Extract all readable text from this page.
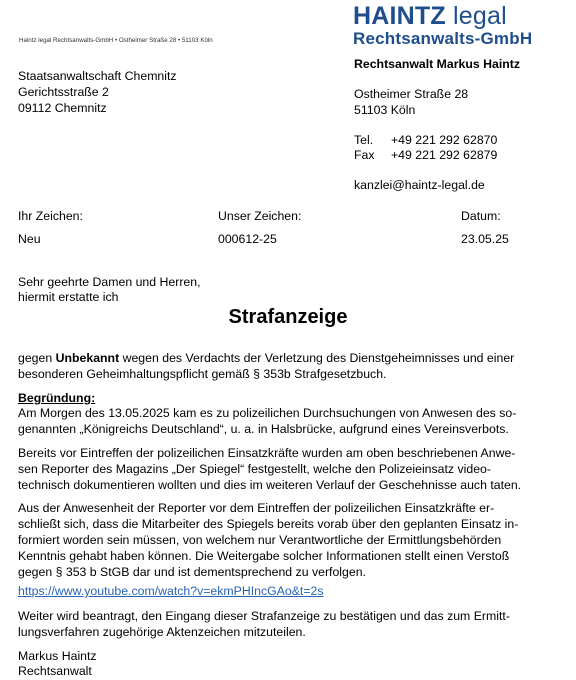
Haintz legal Rechtsanwalts-GmbH • Ostheimer Straße 28 • 51103 Köln
HAINTZ legal
Rechtsanwalts-GmbH
Staatsanwaltschaft Chemnitz
Gerichtsstraße 2
09112 Chemnitz
Rechtsanwalt Markus Haintz
Ostheimer Straße 28
51103 Köln
Tel. +49 221 292 62870
Fax +49 221 292 62879
kanzlei@haintz-legal.de
Ihr Zeichen:	Unser Zeichen:	Datum:
Neu	000612-25	23.05.25
Sehr geehrte Damen und Herren,
hiermit erstatte ich
Strafanzeige
gegen Unbekannt wegen des Verdachts der Verletzung des Dienstgeheimnisses und einer
besonderen Geheimhaltungspflicht gemäß § 353b Strafgesetzbuch.
Begründung:
Am Morgen des 13.05.2025 kam es zu polizeilichen Durchsuchungen von Anwesen des so-
genannten „Königreichs Deutschland“, u. a. in Halsbrücke, aufgrund eines Vereinsverbots.
Bereits vor Eintreffen der polizeilichen Einsatzkräfte wurden am oben beschriebenen Anwe-
sen Reporter des Magazins „Der Spiegel“ festgestellt, welche den Polizeieinsatz video-
technisch dokumentieren wollten und dies im weiteren Verlauf der Geschehnisse auch taten.
Aus der Anwesenheit der Reporter vor dem Eintreffen der polizeilichen Einsatzkräfte er-
schließt sich, dass die Mitarbeiter des Spiegels bereits vorab über den geplanten Einsatz in-
formiert worden sein müssen, von welchem nur Verantwortliche der Ermittlungsbehörden
Kenntnis gehabt haben können. Die Weitergabe solcher Informationen stellt einen Verstoß
gegen § 353 b StGB dar und ist dementsprechend zu verfolgen.
https://www.youtube.com/watch?v=ekmPHIncGAo&t=2s
Weiter wird beantragt, den Eingang dieser Strafanzeige zu bestätigen und das zum Ermitt-
lungsverfahren zugehörige Aktenzeichen mitzuteilen.
Markus Haintz
Rechtsanwalt
